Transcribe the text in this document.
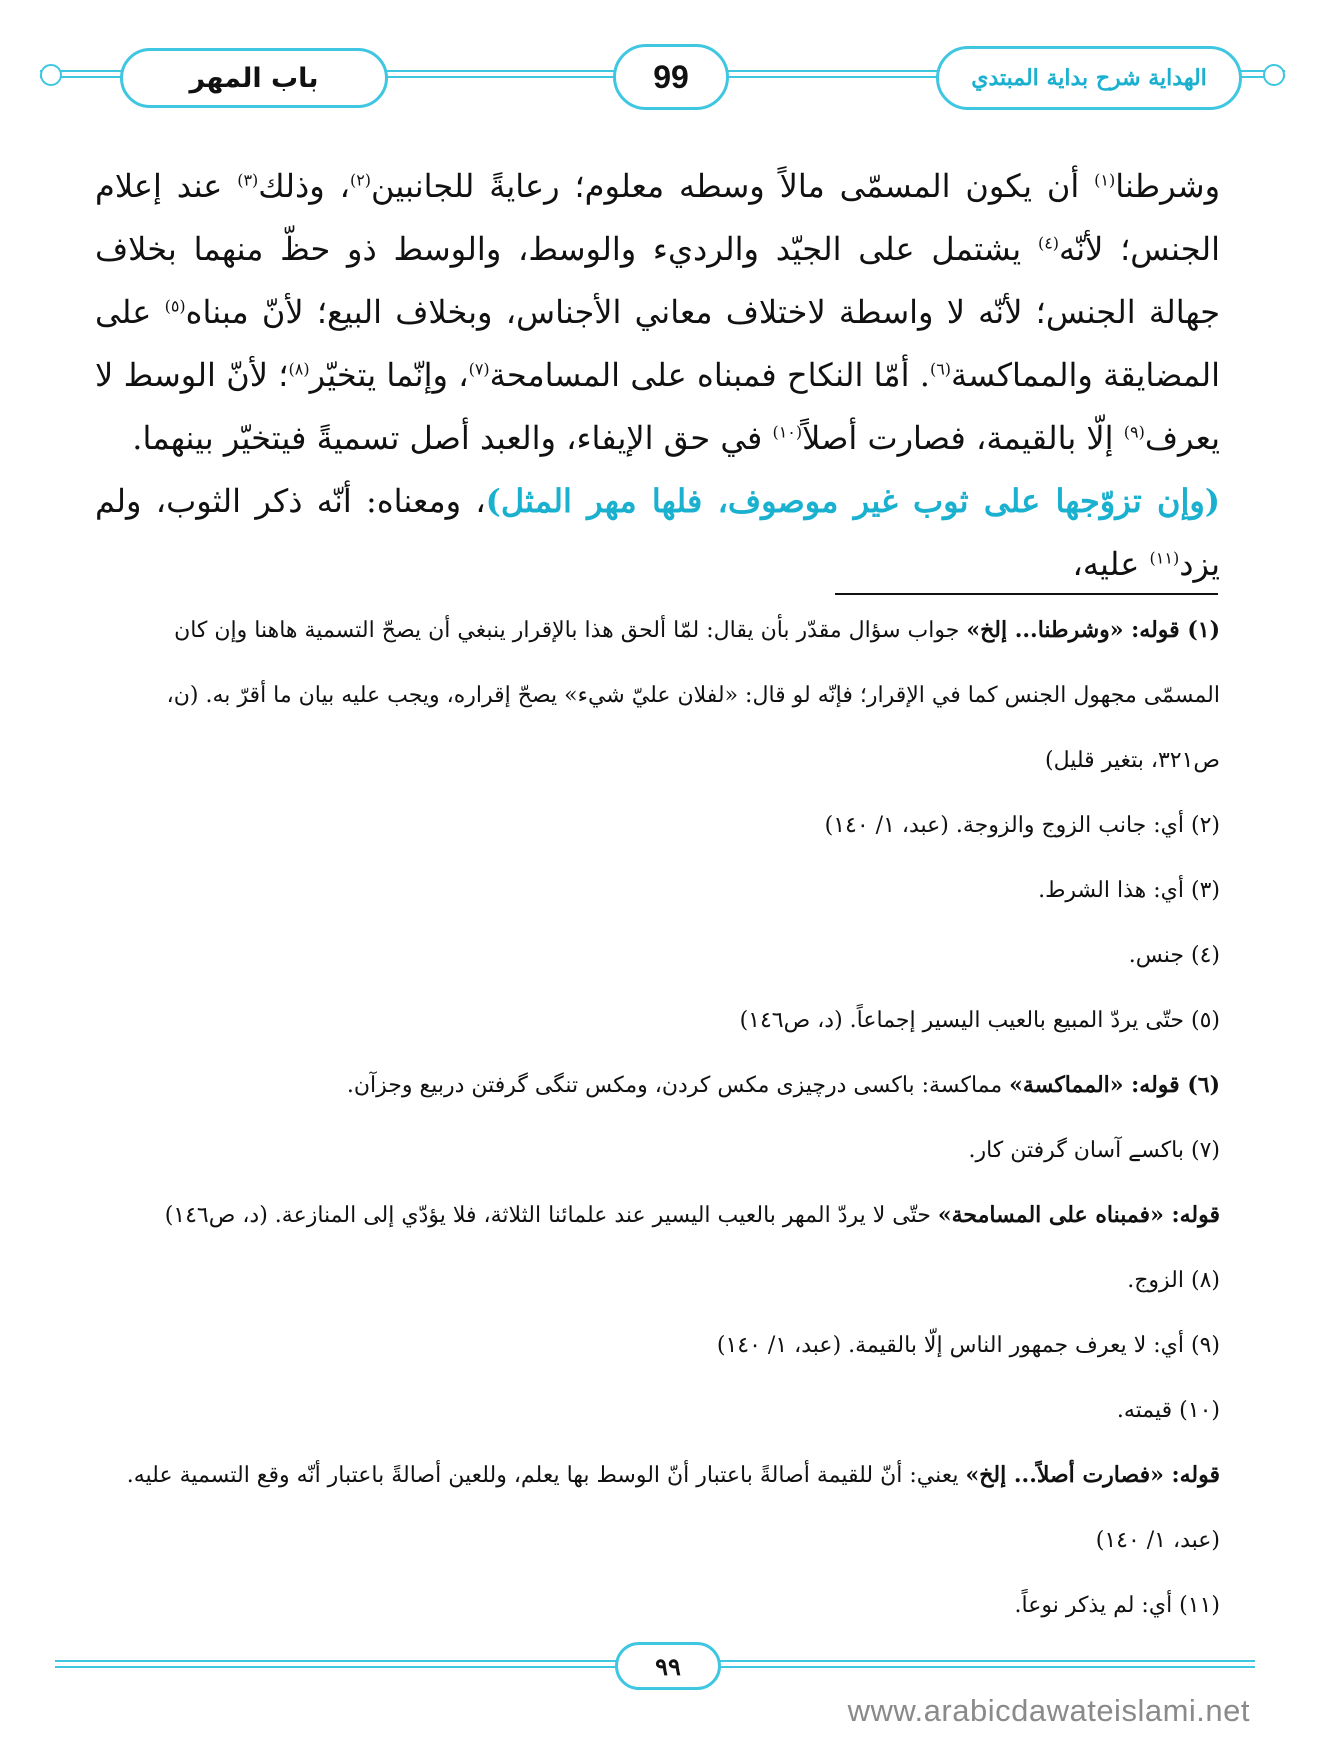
باب المهر	99	الهداية شرح بداية المبتدي

وشرطنا$^{(١)}$ أن يكون المسمّى مالاً وسطه معلوم؛ رعايةً للجانبين$^{(٢)}$، وذلك$^{(٣)}$ عند إعلام الجنس؛ لأنّه$^{(٤)}$ يشتمل على الجيّد والرديء والوسط، والوسط ذو حظّ منهما بخلاف جهالة الجنس؛ لأنّه لا واسطة لاختلاف معاني الأجناس، وبخلاف البيع؛ لأنّ مبناه$^{(٥)}$ على المضايقة والمماكسة$^{(٦)}$. أمّا النكاح فمبناه على المسامحة$^{(٧)}$، وإنّما يتخيّر$^{(٨)}$؛ لأنّ الوسط لا يعرف$^{(٩)}$ إلّا بالقيمة، فصارت أصلاً$^{(١٠)}$ في حق الإيفاء، والعبد أصل تسميةً فيتخيّر بينهما.

(وإن تزوّجها على ثوب غير موصوف، فلها مهر المثل)، ومعناه: أنّه ذكر الثوب، ولم يزد$^{(١١)}$ عليه،

(١) قوله: «وشرطنا... إلخ» جواب سؤال مقدّر بأن يقال: لمّا ألحق هذا بالإقرار ينبغي أن يصحّ التسمية هاهنا وإن كان المسمّى مجهول الجنس كما في الإقرار؛ فإنّه لو قال: «لفلان عليّ شيء» يصحّ إقراره، ويجب عليه بيان ما أقرّ به. (ن، ص٣٢١، بتغير قليل)

(٢) أي: جانب الزوج والزوجة. (عبد، ١/ ١٤٠)

(٣) أي: هذا الشرط.

(٤) جنس.

(٥) حتّى يردّ المبيع بالعيب اليسير إجماعاً. (د، ص١٤٦)

(٦) قوله: «المماكسة» مماكسة: باكسى درچيزى مكس كردن، ومكس تنگى گرفتن دربيع وجزآن.

(٧) باكسے آسان گرفتن كار.

قوله: «فمبناه على المسامحة» حتّى لا يردّ المهر بالعيب اليسير عند علمائنا الثلاثة، فلا يؤدّي إلى المنازعة. (د، ص١٤٦)

(٨) الزوج.

(٩) أي: لا يعرف جمهور الناس إلّا بالقيمة. (عبد، ١/ ١٤٠)

(١٠) قيمته.

قوله: «فصارت أصلاً... إلخ» يعني: أنّ للقيمة أصالةً باعتبار أنّ الوسط بها يعلم، وللعين أصالةً باعتبار أنّه وقع التسمية عليه. (عبد، ١/ ١٤٠)

(١١) أي: لم يذكر نوعاً.

٩٩
www.arabicdawateislami.net
